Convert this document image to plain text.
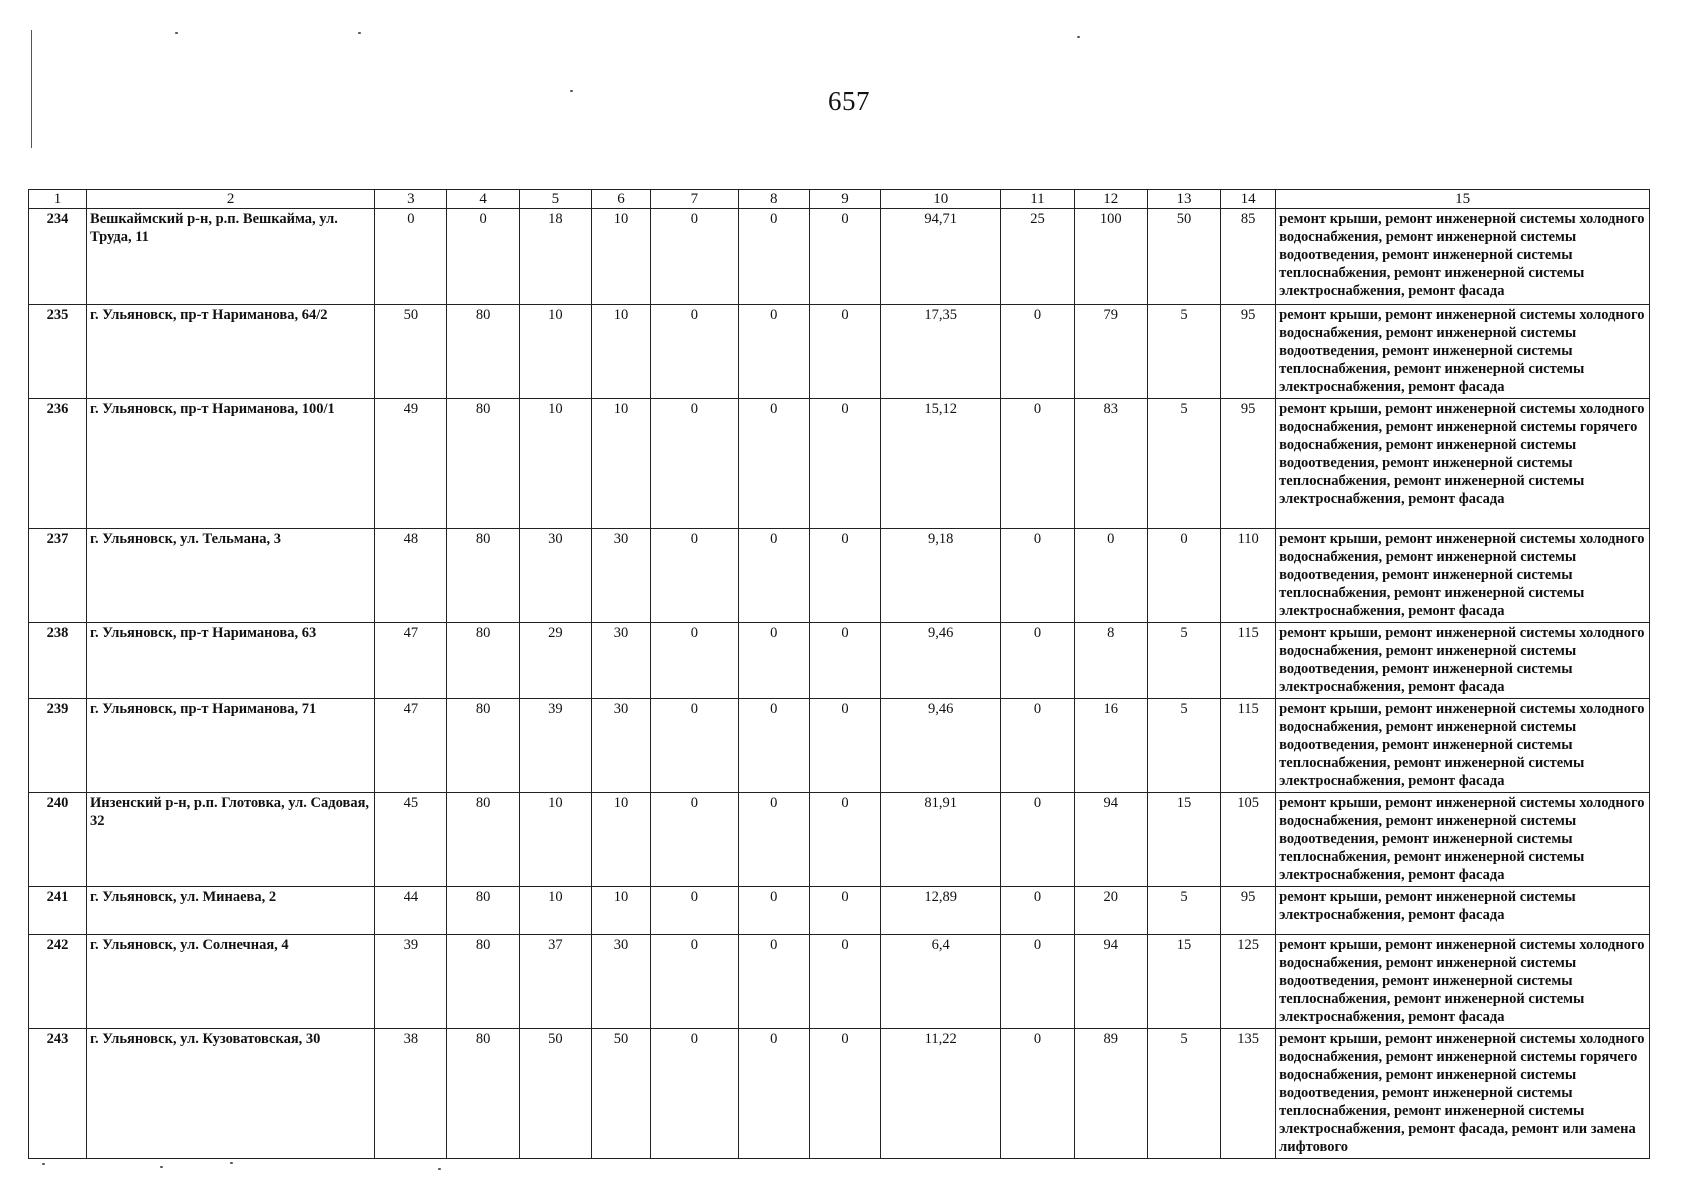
657
1	2	3	4	5	6	7	8	9	10	11	12	13	14	15
234	Вешкаймский р-н, р.п. Вешкайма, ул. Труда, 11	0	0	18	10	0	0	0	94,71	25	100	50	85	ремонт крыши, ремонт инженерной системы холодного водоснабжения, ремонт инженерной системы водоотведения, ремонт инженерной системы теплоснабжения, ремонт инженерной системы электроснабжения, ремонт фасада
235	г. Ульяновск, пр-т Нариманова, 64/2	50	80	10	10	0	0	0	17,35	0	79	5	95	ремонт крыши, ремонт инженерной системы холодного водоснабжения, ремонт инженерной системы водоотведения, ремонт инженерной системы теплоснабжения, ремонт инженерной системы электроснабжения, ремонт фасада
236	г. Ульяновск, пр-т Нариманова, 100/1	49	80	10	10	0	0	0	15,12	0	83	5	95	ремонт крыши, ремонт инженерной системы холодного водоснабжения, ремонт инженерной системы горячего водоснабжения, ремонт инженерной системы водоотведения, ремонт инженерной системы теплоснабжения, ремонт инженерной системы электроснабжения, ремонт фасада
237	г. Ульяновск, ул. Тельмана, 3	48	80	30	30	0	0	0	9,18	0	0	0	110	ремонт крыши, ремонт инженерной системы холодного водоснабжения, ремонт инженерной системы водоотведения, ремонт инженерной системы теплоснабжения, ремонт инженерной системы электроснабжения, ремонт фасада
238	г. Ульяновск, пр-т Нариманова, 63	47	80	29	30	0	0	0	9,46	0	8	5	115	ремонт крыши, ремонт инженерной системы холодного водоснабжения, ремонт инженерной системы водоотведения, ремонт инженерной системы электроснабжения, ремонт фасада
239	г. Ульяновск, пр-т Нариманова, 71	47	80	39	30	0	0	0	9,46	0	16	5	115	ремонт крыши, ремонт инженерной системы холодного водоснабжения, ремонт инженерной системы водоотведения, ремонт инженерной системы теплоснабжения, ремонт инженерной системы электроснабжения, ремонт фасада
240	Инзенский р-н, р.п. Глотовка, ул. Садовая, 32	45	80	10	10	0	0	0	81,91	0	94	15	105	ремонт крыши, ремонт инженерной системы холодного водоснабжения, ремонт инженерной системы водоотведения, ремонт инженерной системы теплоснабжения, ремонт инженерной системы электроснабжения, ремонт фасада
241	г. Ульяновск, ул. Минаева, 2	44	80	10	10	0	0	0	12,89	0	20	5	95	ремонт крыши, ремонт инженерной системы электроснабжения, ремонт фасада
242	г. Ульяновск, ул. Солнечная, 4	39	80	37	30	0	0	0	6,4	0	94	15	125	ремонт крыши, ремонт инженерной системы холодного водоснабжения, ремонт инженерной системы водоотведения, ремонт инженерной системы теплоснабжения, ремонт инженерной системы электроснабжения, ремонт фасада
243	г. Ульяновск, ул. Кузоватовская, 30	38	80	50	50	0	0	0	11,22	0	89	5	135	ремонт крыши, ремонт инженерной системы холодного водоснабжения, ремонт инженерной системы горячего водоснабжения, ремонт инженерной системы водоотведения, ремонт инженерной системы теплоснабжения, ремонт инженерной системы электроснабжения, ремонт фасада, ремонт или замена лифтового
